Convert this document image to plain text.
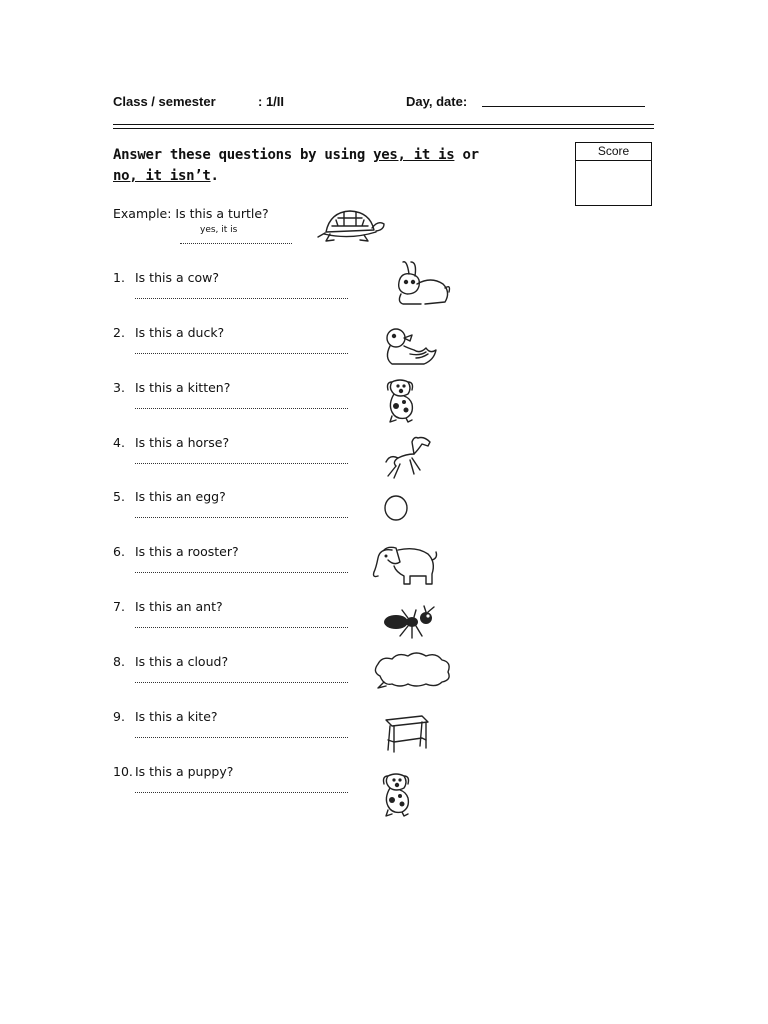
Class / semester	: 1/II	Day, date:
Answer these questions by using yes, it is or
no, it isn’t.
Score
Example: Is this a turtle?
yes, it is
1. Is this a cow?
2. Is this a duck?
3. Is this a kitten?
4. Is this a horse?
5. Is this an egg?
6. Is this a rooster?
7. Is this an ant?
8. Is this a cloud?
9. Is this a kite?
10. Is this a puppy?
